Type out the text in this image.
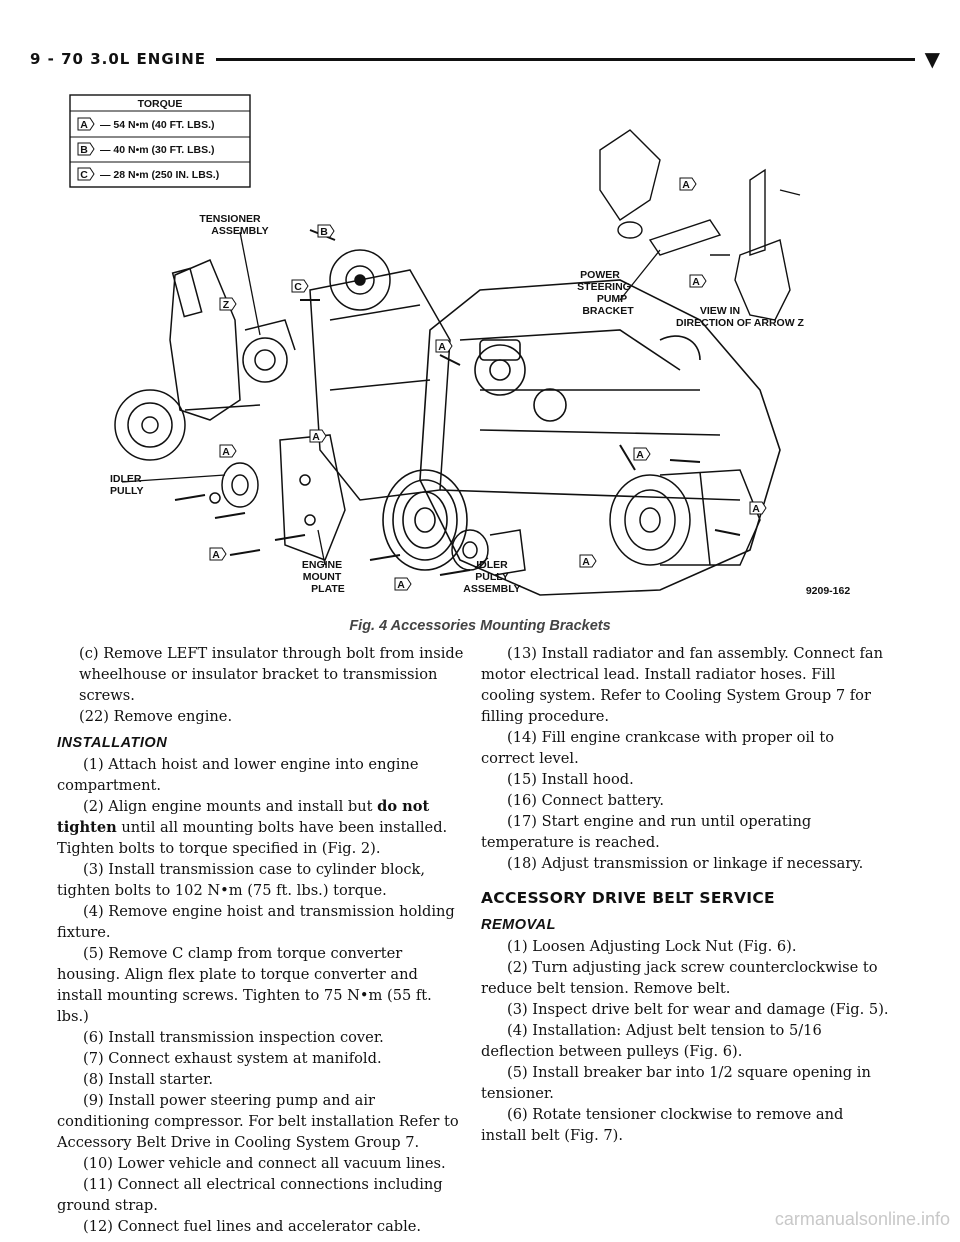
9 - 70 3.0L ENGINE	▼
TORQUE
A — 54 N•m (40 FT. LBS.)
B — 40 N•m (30 FT. LBS.)
C — 28 N•m (250 IN. LBS.)
B
C
Z
A
A
A
A
A
A
A
A
A
A
TENSIONER
ASSEMBLY
IDLER
PULLY
ENGINE
MOUNT
PLATE
IDLER
PULLY
ASSEMBLY
POWER
STEERING
PUMP
BRACKET	VIEW IN
DIRECTION OF ARROW Z
9209-162
Fig. 4 Accessories Mounting Brackets

(c) Remove LEFT insulator through bolt from inside wheelhouse or insulator bracket to transmission screws.

(22) Remove engine.

INSTALLATION

(1) Attach hoist and lower engine into engine compartment.

(2) Align engine mounts and install but do not tighten until all mounting bolts have been installed. Tighten bolts to torque specified in (Fig. 2).

(3) Install transmission case to cylinder block, tighten bolts to 102 N•m (75 ft. lbs.) torque.

(4) Remove engine hoist and transmission holding fixture.

(5) Remove C clamp from torque converter housing. Align flex plate to torque converter and install mounting screws. Tighten to 75 N•m (55 ft. lbs.)

(6) Install transmission inspection cover.

(7) Connect exhaust system at manifold.

(8) Install starter.

(9) Install power steering pump and air conditioning compressor. For belt installation Refer to Accessory Belt Drive in Cooling System Group 7.

(10) Lower vehicle and connect all vacuum lines.

(11) Connect all electrical connections including ground strap.

(12) Connect fuel lines and accelerator cable.

(13) Install radiator and fan assembly. Connect fan motor electrical lead. Install radiator hoses. Fill cooling system. Refer to Cooling System Group 7 for filling procedure.

(14) Fill engine crankcase with proper oil to correct level.

(15) Install hood.

(16) Connect battery.

(17) Start engine and run until operating temperature is reached.

(18) Adjust transmission or linkage if necessary.

ACCESSORY DRIVE BELT SERVICE

REMOVAL

(1) Loosen Adjusting Lock Nut (Fig. 6).

(2) Turn adjusting jack screw counterclockwise to reduce belt tension. Remove belt.

(3) Inspect drive belt for wear and damage (Fig. 5).

(4) Installation: Adjust belt tension to 5/16 deflection between pulleys (Fig. 6).

(5) Install breaker bar into 1/2 square opening in tensioner.

(6) Rotate tensioner clockwise to remove and install belt (Fig. 7).

carmanualsonline.info
